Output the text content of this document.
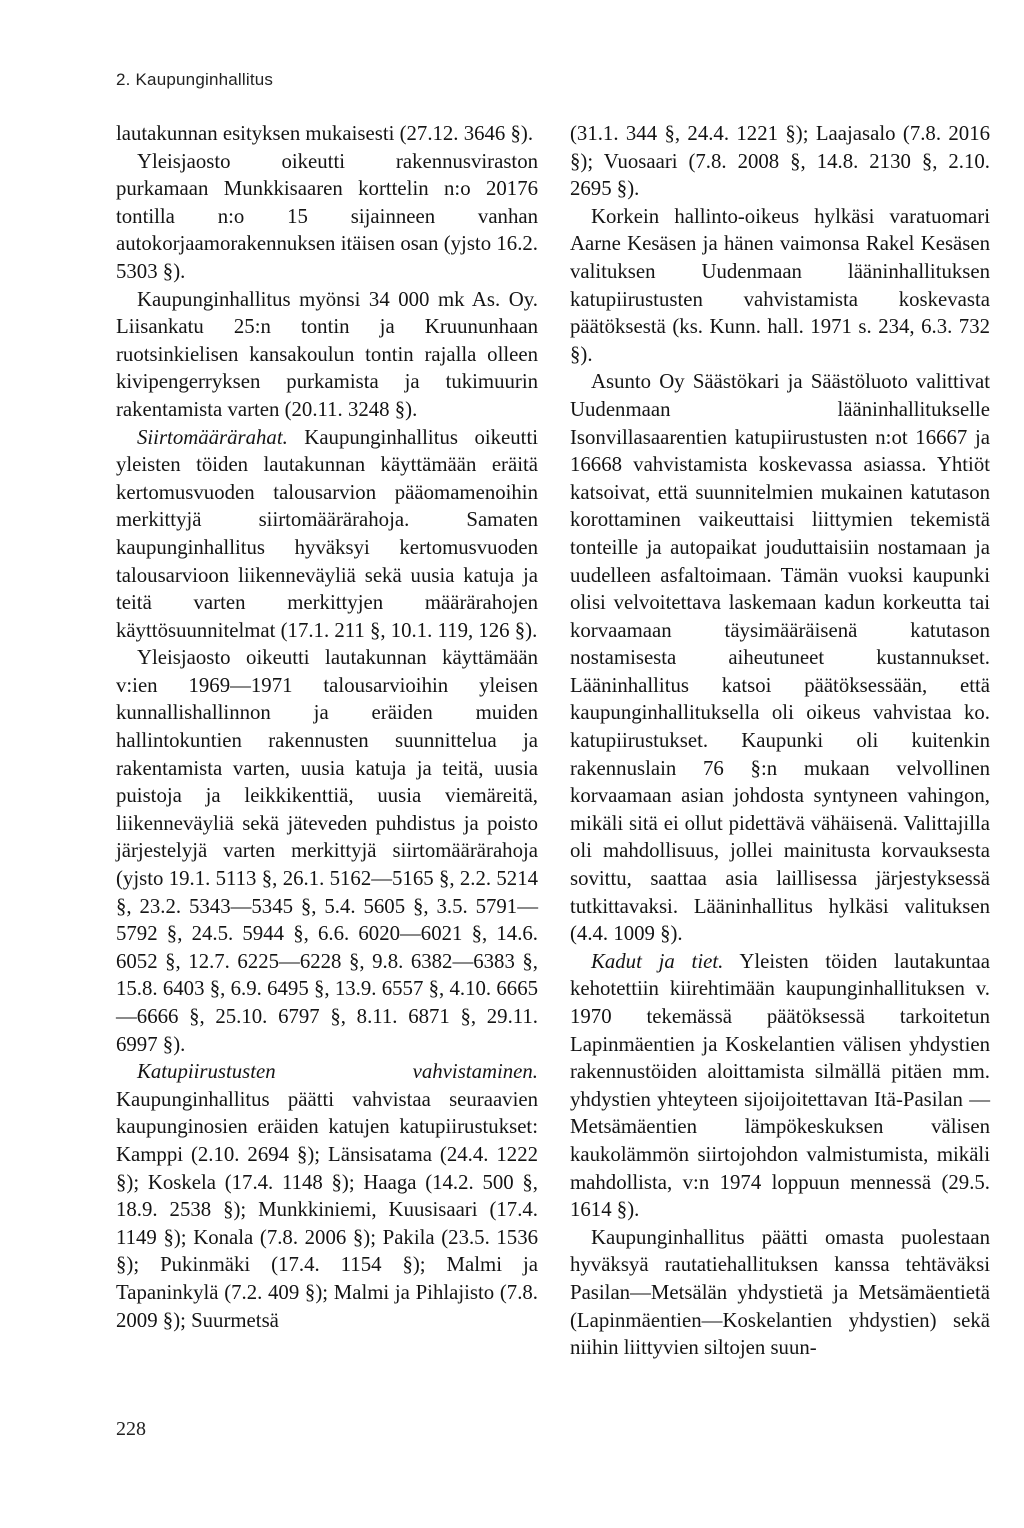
2. Kaupunginhallitus

lautakunnan esityksen mukaisesti (27.12. 3646 §).

Yleisjaosto oikeutti rakennusviraston purkamaan Munkkisaaren korttelin n:o 20176 tontilla n:o 15 sijainneen vanhan autokorjaamorakennuksen itäisen osan (yjsto 16.2. 5303 §).

Kaupunginhallitus myönsi 34 000 mk As. Oy. Liisankatu 25:n tontin ja Kruununhaan ruotsinkielisen kansakoulun tontin rajalla olleen kivipengerryksen purkamista ja tukimuurin rakentamista varten (20.11. 3248 §).

Siirtomäärärahat. Kaupunginhallitus oikeutti yleisten töiden lautakunnan käyttämään eräitä kertomusvuoden talousarvion pääomamenoihin merkittyjä siirtomäärärahoja. Samaten kaupunginhallitus hyväksyi kertomusvuoden talousarvioon liikenneväyliä sekä uusia katuja ja teitä varten merkittyjen määrärahojen käyttösuunnitelmat (17.1. 211 §, 10.1. 119, 126 §).

Yleisjaosto oikeutti lautakunnan käyttämään v:ien 1969—1971 talousarvioihin yleisen kunnallishallinnon ja eräiden muiden hallintokuntien rakennusten suunnittelua ja rakentamista varten, uusia katuja ja teitä, uusia puistoja ja leikkikenttiä, uusia viemäreitä, liikenneväyliä sekä jäteveden puhdistus ja poisto järjestelyjä varten merkittyjä siirtomäärärahoja (yjsto 19.1. 5113 §, 26.1. 5162—5165 §, 2.2. 5214 §, 23.2. 5343—5345 §, 5.4. 5605 §, 3.5. 5791—5792 §, 24.5. 5944 §, 6.6. 6020—6021 §, 14.6. 6052 §, 12.7. 6225—6228 §, 9.8. 6382—6383 §, 15.8. 6403 §, 6.9. 6495 §, 13.9. 6557 §, 4.10. 6665—6666 §, 25.10. 6797 §, 8.11. 6871 §, 29.11. 6997 §).

Katupiirustusten vahvistaminen. Kaupunginhallitus päätti vahvistaa seuraavien kaupunginosien eräiden katujen katupiirustukset: Kamppi (2.10. 2694 §); Länsisatama (24.4. 1222 §); Koskela (17.4. 1148 §); Haaga (14.2. 500 §, 18.9. 2538 §); Munkkiniemi, Kuusisaari (17.4. 1149 §); Konala (7.8. 2006 §); Pakila (23.5. 1536 §); Pukinmäki (17.4. 1154 §); Malmi ja Tapaninkylä (7.2. 409 §); Malmi ja Pihlajisto (7.8. 2009 §); Suurmetsä

(31.1. 344 §, 24.4. 1221 §); Laajasalo (7.8. 2016 §); Vuosaari (7.8. 2008 §, 14.8. 2130 §, 2.10. 2695 §).

Korkein hallinto-oikeus hylkäsi varatuomari Aarne Kesäsen ja hänen vaimonsa Rakel Kesäsen valituksen Uudenmaan lääninhallituksen katupiirustusten vahvistamista koskevasta päätöksestä (ks. Kunn. hall. 1971 s. 234, 6.3. 732 §).

Asunto Oy Säästökari ja Säästöluoto valittivat Uudenmaan lääninhallitukselle Isonvillasaarentien katupiirustusten n:ot 16667 ja 16668 vahvistamista koskevassa asiassa. Yhtiöt katsoivat, että suunnitelmien mukainen katutason korottaminen vaikeuttaisi liittymien tekemistä tonteille ja autopaikat jouduttaisiin nostamaan ja uudelleen asfaltoimaan. Tämän vuoksi kaupunki olisi velvoitettava laskemaan kadun korkeutta tai korvaamaan täysimääräisenä katutason nostamisesta aiheutuneet kustannukset. Lääninhallitus katsoi päätöksessään, että kaupunginhallituksella oli oikeus vahvistaa ko. katupiirustukset. Kaupunki oli kuitenkin rakennuslain 76 §:n mukaan velvollinen korvaamaan asian johdosta syntyneen vahingon, mikäli sitä ei ollut pidettävä vähäisenä. Valittajilla oli mahdollisuus, jollei mainitusta korvauksesta sovittu, saattaa asia laillisessa järjestyksessä tutkittavaksi. Lääninhallitus hylkäsi valituksen (4.4. 1009 §).

Kadut ja tiet. Yleisten töiden lautakuntaa kehotettiin kiirehtimään kaupunginhallituksen v. 1970 tekemässä päätöksessä tarkoitetun Lapinmäentien ja Koskelantien välisen yhdystien rakennustöiden aloittamista silmällä pitäen mm. yhdystien yhteyteen sijoijoitettavan Itä-Pasilan — Metsämäentien lämpökeskuksen välisen kaukolämmön siirtojohdon valmistumista, mikäli mahdollista, v:n 1974 loppuun mennessä (29.5. 1614 §).

Kaupunginhallitus päätti omasta puolestaan hyväksyä rautatiehallituksen kanssa tehtäväksi Pasilan—Metsälän yhdystietä ja Metsämäentietä (Lapinmäentien—Koskelantien yhdystien) sekä niihin liittyvien siltojen suun-

228
